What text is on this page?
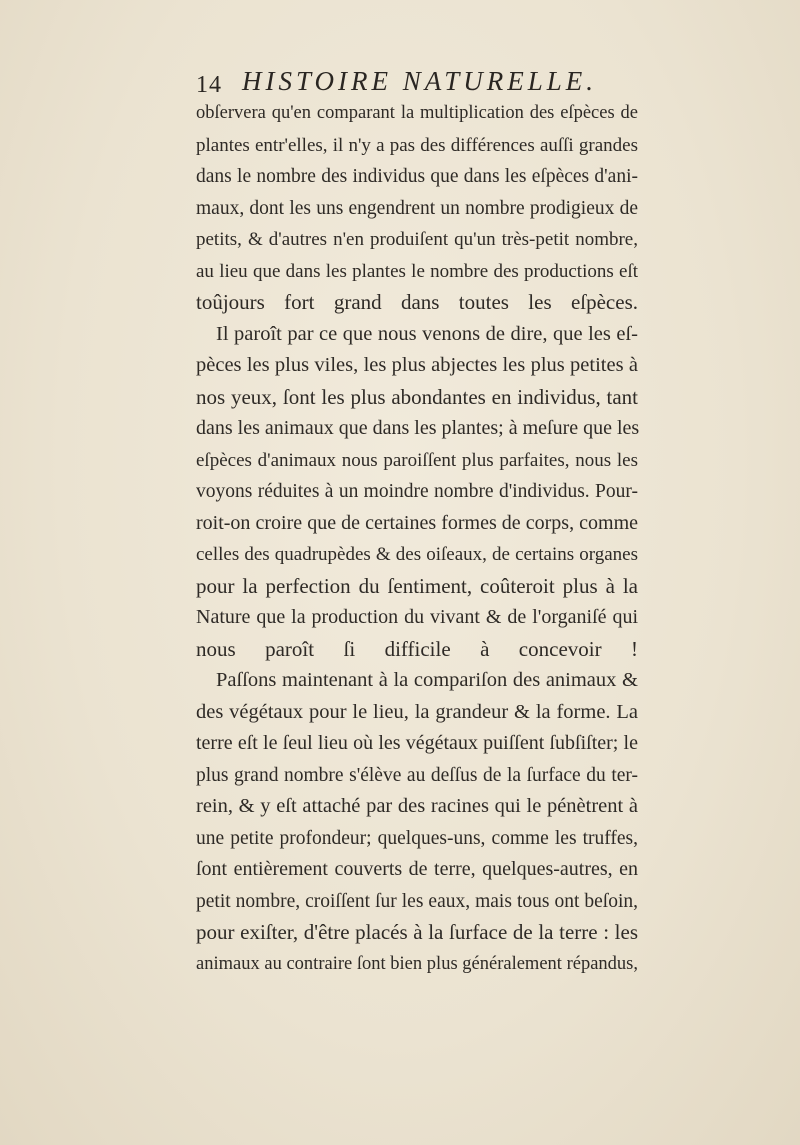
14 HISTOIRE NATURELLE.
obſervera qu'en comparant la multiplication des eſpèces de
plantes entr'elles, il n'y a pas des différences auſſi grandes
dans le nombre des individus que dans les eſpèces d'ani-
maux, dont les uns engendrent un nombre prodigieux de
petits, & d'autres n'en produiſent qu'un très-petit nombre,
au lieu que dans les plantes le nombre des productions eſt
toûjours fort grand dans toutes les eſpèces.
Il paroît par ce que nous venons de dire, que les eſ-
pèces les plus viles, les plus abjectes les plus petites à
nos yeux, ſont les plus abondantes en individus, tant
dans les animaux que dans les plantes; à meſure que les
eſpèces d'animaux nous paroiſſent plus parfaites, nous les
voyons réduites à un moindre nombre d'individus. Pour-
roit-on croire que de certaines formes de corps, comme
celles des quadrupèdes & des oiſeaux, de certains organes
pour la perfection du ſentiment, coûteroit plus à la
Nature que la production du vivant & de l'organiſé qui
nous paroît ſi difficile à concevoir !
Paſſons maintenant à la compariſon des animaux &
des végétaux pour le lieu, la grandeur & la forme. La
terre eſt le ſeul lieu où les végétaux puiſſent ſubſiſter; le
plus grand nombre s'élève au deſſus de la ſurface du ter-
rein, & y eſt attaché par des racines qui le pénètrent à
une petite profondeur; quelques-uns, comme les truffes,
ſont entièrement couverts de terre, quelques-autres, en
petit nombre, croiſſent ſur les eaux, mais tous ont beſoin,
pour exiſter, d'être placés à la ſurface de la terre : les
animaux au contraire ſont bien plus généralement répandus,
